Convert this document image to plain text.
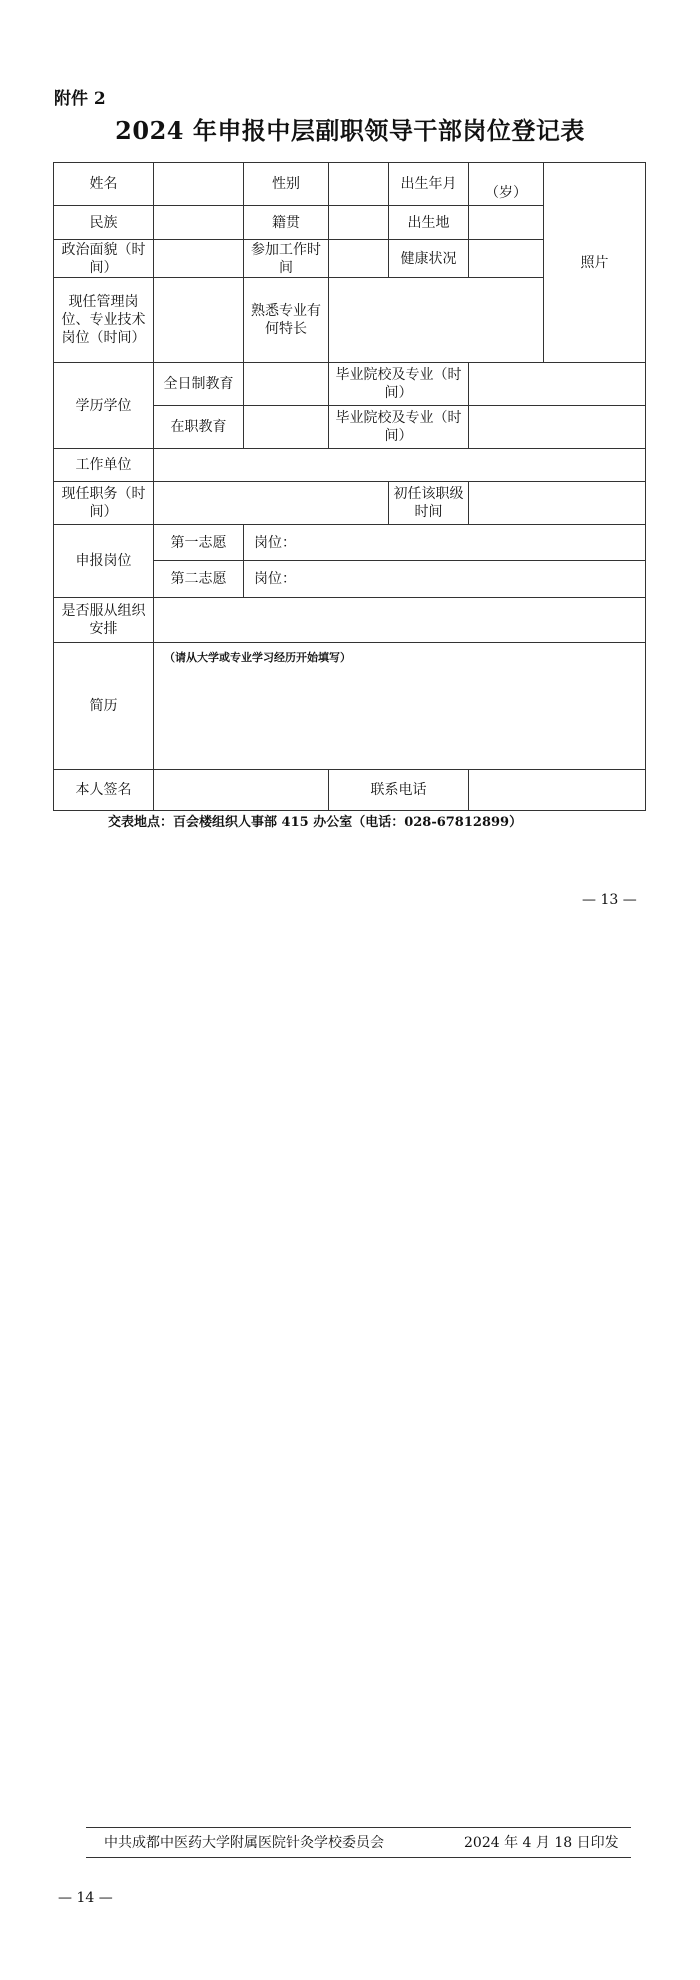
附件 2
2024 年申报中层副职领导干部岗位登记表
姓名		性别		出生年月	（岁）	照片
民族		籍贯		出生地		
政治面貌（时间）		参加工作时间		健康状况		
现任管理岗位、专业技术岗位（时间）		熟悉专业有何特长				
学历学位	全日制教育		毕业院校及专业（时间）			
	在职教育		毕业院校及专业（时间）			
工作单位						
现任职务（时间）				初任该职级时间		
申报岗位	第一志愿	岗位：				
	第二志愿	岗位：				
是否服从组织安排						
简历	（请从大学或专业学习经历开始填写）					
本人签名			联系电话			
交表地点：百会楼组织人事部 415 办公室（电话：028-67812899）
— 13 —
中共成都中医药大学附属医院针灸学校委员会	2024 年 4 月 18 日印发
— 14 —
